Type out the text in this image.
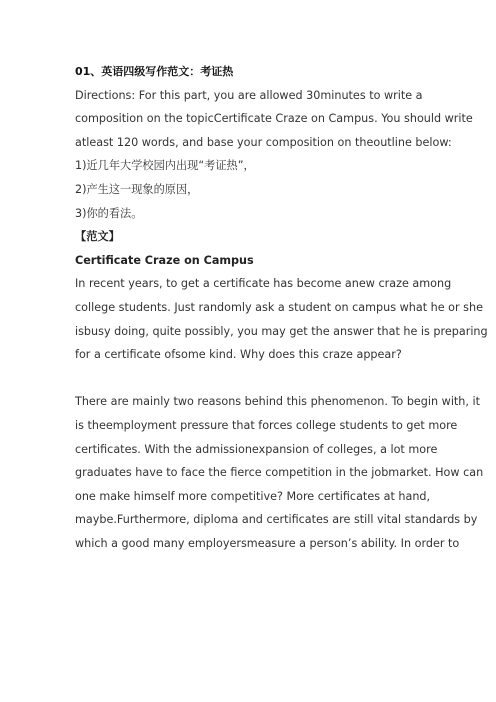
01、英语四级写作范文：考证热
Directions: For this part, you are allowed 30minutes to write a
composition on the topicCertificate Craze on Campus. You should write
atleast 120 words, and base your composition on theoutline below:
1)近几年大学校园内出现“考证热”，
2)产生这一现象的原因，
3)你的看法。
【范文】
Certificate Craze on Campus
In recent years, to get a certificate has become anew craze among
college students. Just randomly ask a student on campus what he or she
isbusy doing, quite possibly, you may get the answer that he is preparing
for a certificate ofsome kind. Why does this craze appear?
There are mainly two reasons behind this phenomenon. To begin with, it
is theemployment pressure that forces college students to get more
certificates. With the admissionexpansion of colleges, a lot more
graduates have to face the fierce competition in the jobmarket. How can
one make himself more competitive? More certificates at hand,
maybe.Furthermore, diploma and certificates are still vital standards by
which a good many employersmeasure a person’s ability. In order to
